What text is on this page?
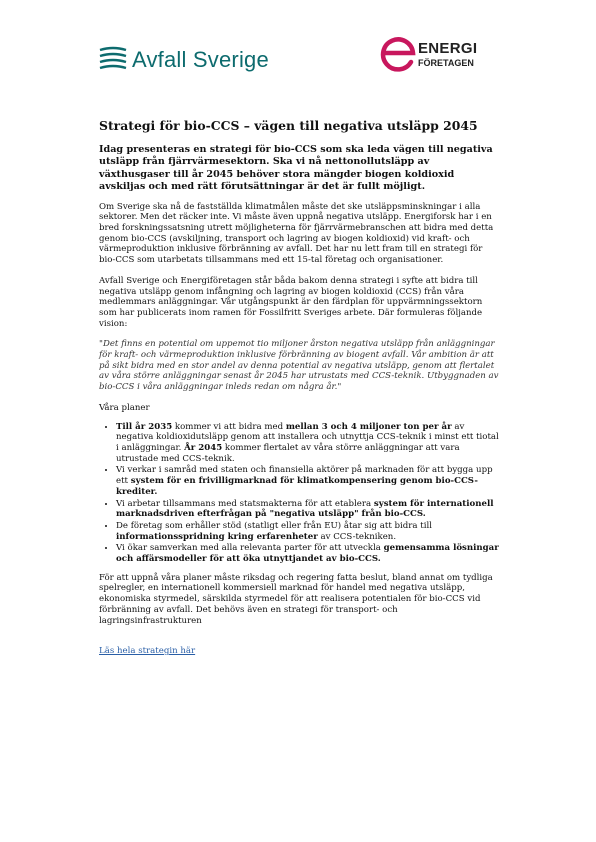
Avfall Sverige	ENERGI
FÖRETAGEN
Strategi för bio-CCS – vägen till negativa utsläpp 2045

Idag presenteras en strategi för bio-CCS som ska leda vägen till negativa utsläpp från fjärrvärmesektorn. Ska vi nå nettonollutsläpp av växthusgaser till år 2045 behöver stora mängder biogen koldioxid avskiljas och med rätt förutsättningar är det är fullt möjligt.

Om Sverige ska nå de fastställda klimatmålen måste det ske utsläppsminskningar i alla sektorer. Men det räcker inte. Vi måste även uppnå negativa utsläpp. Energiforsk har i en bred forskningssatsning utrett möjligheterna för fjärrvärmebranschen att bidra med detta genom bio-CCS (avskiljning, transport och lagring av biogen koldioxid) vid kraft- och värmeproduktion inklusive förbränning av avfall. Det har nu lett fram till en strategi för bio-CCS som utarbetats tillsammans med ett 15-tal företag och organisationer.

Avfall Sverige och Energiföretagen står båda bakom denna strategi i syfte att bidra till negativa utsläpp genom infångning och lagring av biogen koldioxid (CCS) från våra medlemmars anläggningar. Vår utgångspunkt är den färdplan för uppvärmningssektorn som har publicerats inom ramen för Fossilfritt Sveriges arbete. Där formuleras följande vision:

"Det finns en potential om uppemot tio miljoner årston negativa utsläpp från anläggningar för kraft- och värmeproduktion inklusive förbränning av biogent avfall. Vår ambition är att på sikt bidra med en stor andel av denna potential av negativa utsläpp, genom att flertalet av våra större anläggningar senast år 2045 har utrustats med CCS-teknik. Utbyggnaden av bio-CCS i våra anläggningar inleds redan om några år."

Våra planer

• Till år 2035 kommer vi att bidra med mellan 3 och 4 miljoner ton per år av negativa koldioxidutsläpp genom att installera och utnyttja CCS-teknik i minst ett tiotal i anläggningar. År 2045 kommer flertalet av våra större anläggningar att vara utrustade med CCS-teknik.
• Vi verkar i samråd med staten och finansiella aktörer på marknaden för att bygga upp ett system för en frivilligmarknad för klimatkompensering genom bio-CCS-krediter.
• Vi arbetar tillsammans med statsmakterna för att etablera system för internationell marknadsdriven efterfrågan på "negativa utsläpp" från bio-CCS.
• De företag som erhåller stöd (statligt eller från EU) åtar sig att bidra till informationsspridning kring erfarenheter av CCS-tekniken.
• Vi ökar samverkan med alla relevanta parter för att utveckla gemensamma lösningar och affärsmodeller för att öka utnyttjandet av bio-CCS.

För att uppnå våra planer måste riksdag och regering fatta beslut, bland annat om tydliga spelregler, en internationell kommersiell marknad för handel med negativa utsläpp, ekonomiska styrmedel, särskilda styrmedel för att realisera potentialen för bio-CCS vid förbränning av avfall. Det behövs även en strategi för transport- och lagringsinfrastrukturen

Läs hela strategin här
